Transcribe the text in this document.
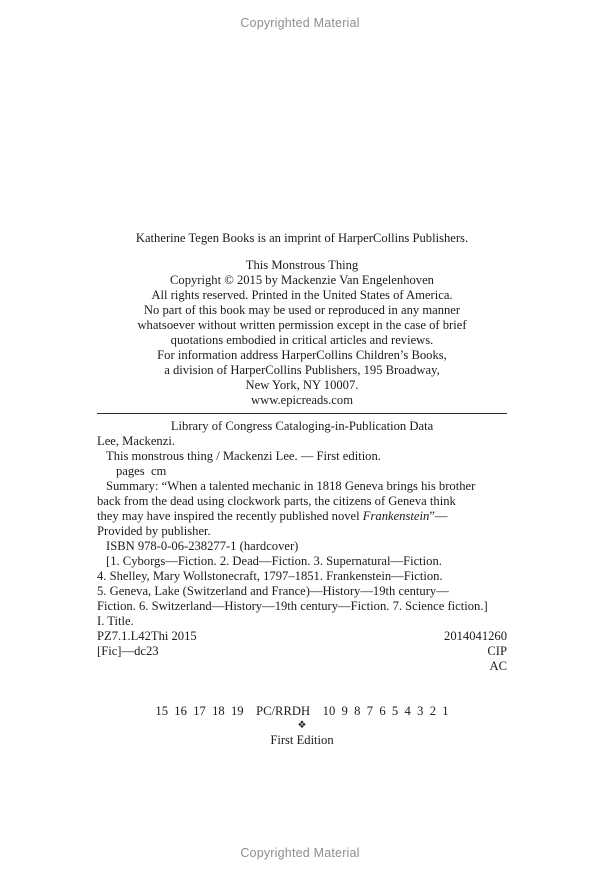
Copyrighted Material
Katherine Tegen Books is an imprint of HarperCollins Publishers.
This Monstrous Thing
Copyright © 2015 by Mackenzie Van Engelenhoven
All rights reserved. Printed in the United States of America.
No part of this book may be used or reproduced in any manner
whatsoever without written permission except in the case of brief
quotations embodied in critical articles and reviews.
For information address HarperCollins Children’s Books,
a division of HarperCollins Publishers, 195 Broadway,
New York, NY 10007.
www.epicreads.com
Library of Congress Cataloging-in-Publication Data
Lee, Mackenzi.
This monstrous thing / Mackenzi Lee. — First edition.
pages  cm
Summary: “When a talented mechanic in 1818 Geneva brings his brother
back from the dead using clockwork parts, the citizens of Geneva think
they may have inspired the recently published novel Frankenstein”—
Provided by publisher.
ISBN 978-0-06-238277-1 (hardcover)
[1. Cyborgs—Fiction. 2. Dead—Fiction. 3. Supernatural—Fiction.
4. Shelley, Mary Wollstonecraft, 1797–1851. Frankenstein—Fiction.
5. Geneva, Lake (Switzerland and France)—History—19th century—
Fiction. 6. Switzerland—History—19th century—Fiction. 7. Science fiction.]
I. Title.
PZ7.1.L42Thi 2015	2014041260
[Fic]—dc23	CIP
AC
15  16  17  18  19    PC/RRDH    10  9  8  7  6  5  4  3  2  1
❖
First Edition
Copyrighted Material
